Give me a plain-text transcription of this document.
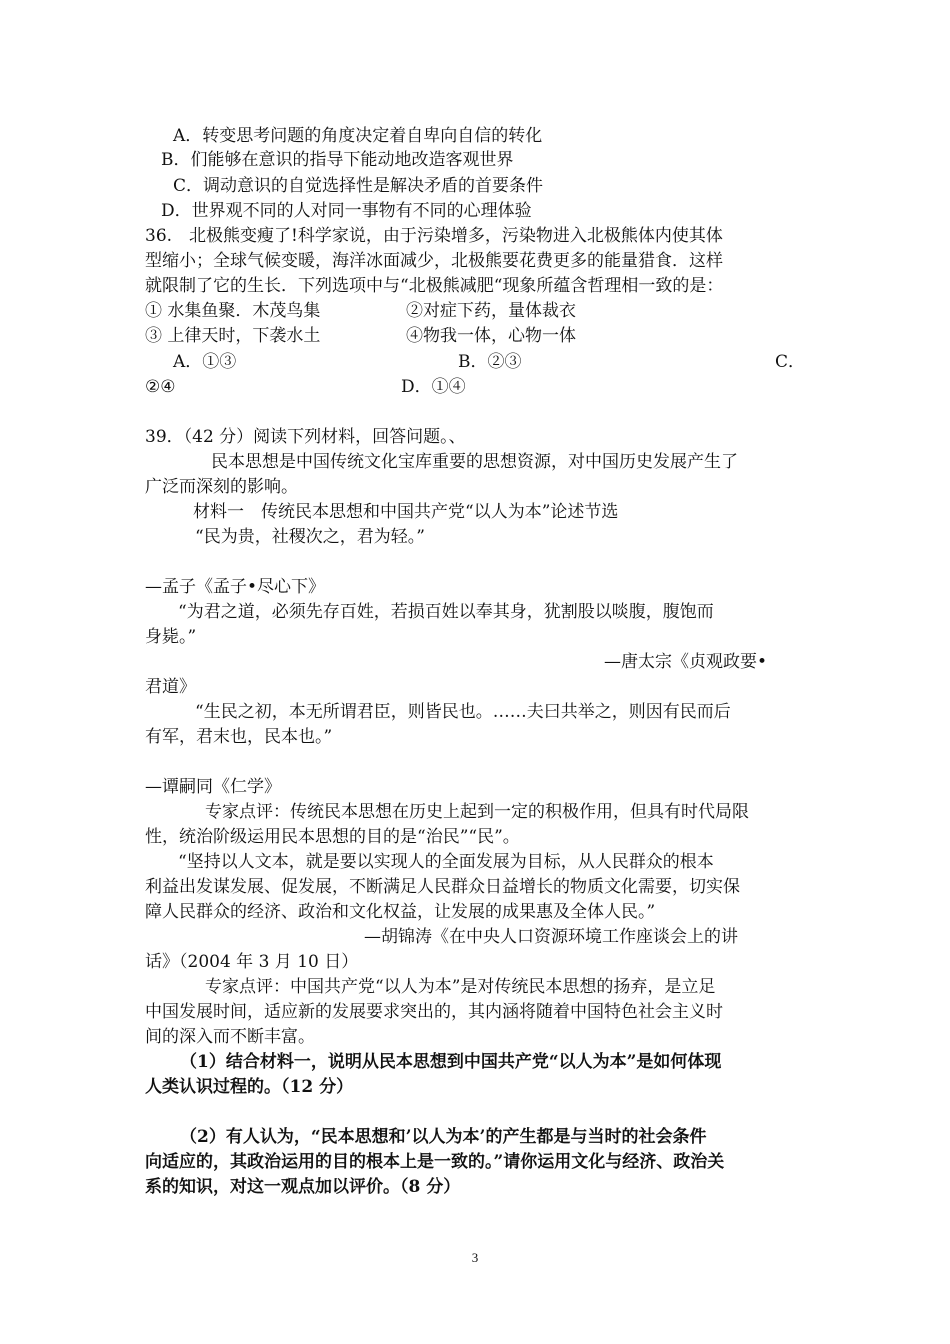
A．转变思考问题的角度决定着自卑向自信的转化
B．们能够在意识的指导下能动地改造客观世界
C．调动意识的自觉选择性是解决矛盾的首要条件
D．世界观不同的人对同一事物有不同的心理体验
36.　北极熊变瘦了!科学家说，由于污染增多，污染物进入北极熊体内使其体
型缩小；全球气候变暖，海洋冰面减少，北极熊要花费更多的能量猎食．这样
就限制了它的生长．下列选项中与“北极熊减肥“现象所蕴含哲理相一致的是：
① 水集鱼聚．木茂鸟集	②对症下药，量体裁衣
③ 上律天时，下袭水土	④物我一体，心物一体
A．①③	B．②③	C．
②④	D．①④
39．（42 分）阅读下列材料，回答问题。、
民本思想是中国传统文化宝库重要的思想资源，对中国历史发展产生了
广泛而深刻的影响。
材料一　传统民本思想和中国共产党“以人为本”论述节选
“民为贵，社稷次之，君为轻。”
—孟子《孟子•尽心下》
“为君之道，必须先存百姓，若损百姓以奉其身，犹割股以啖腹，腹饱而
身毙。”
—唐太宗《贞观政要•
君道》
“生民之初，本无所谓君臣，则皆民也。……夫曰共举之，则因有民而后
有军，君末也，民本也。”
—谭嗣同《仁学》
专家点评：传统民本思想在历史上起到一定的积极作用，但具有时代局限
性，统治阶级运用民本思想的目的是“治民”“民”。
“坚持以人文本，就是要以实现人的全面发展为目标，从人民群众的根本
利益出发谋发展、促发展，不断满足人民群众日益增长的物质文化需要，切实保
障人民群众的经济、政治和文化权益，让发展的成果惠及全体人民。”
—胡锦涛《在中央人口资源环境工作座谈会上的讲
话》（2004 年 3 月 10 日）
专家点评：中国共产党“以人为本”是对传统民本思想的扬弃，是立足
中国发展时间，适应新的发展要求突出的，其内涵将随着中国特色社会主义时
间的深入而不断丰富。
（1）结合材料一，说明从民本思想到中国共产党“以人为本”是如何体现
人类认识过程的。（12 分）
（2）有人认为，“民本思想和’以人为本’的产生都是与当时的社会条件
向适应的，其政治运用的目的根本上是一致的。”请你运用文化与经济、政治关
系的知识，对这一观点加以评价。（8 分）
3
